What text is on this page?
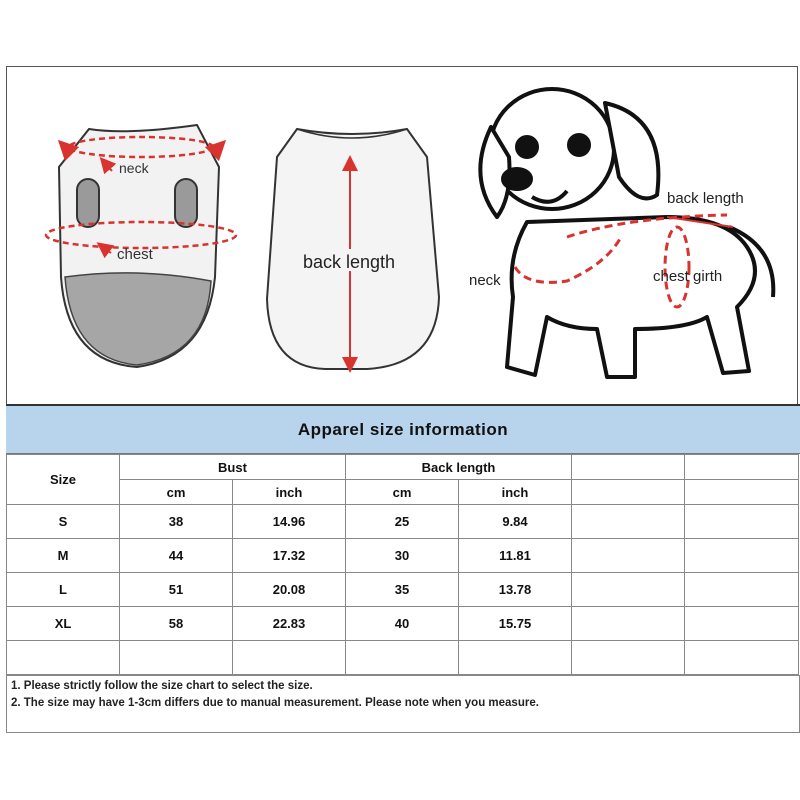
neck
chest	back length
back length
neck	chest girth
Apparel size information
Size	Bust		Back length			
	cm	inch	cm	inch		
S	38	14.96	25	9.84		
M	44	17.32	30	11.81		
L	51	20.08	35	13.78		
XL	58	22.83	40	15.75		

1. Please strictly follow the size chart to select the size.
2. The size may have 1-3cm differs due to manual measurement. Please note when you measure.
